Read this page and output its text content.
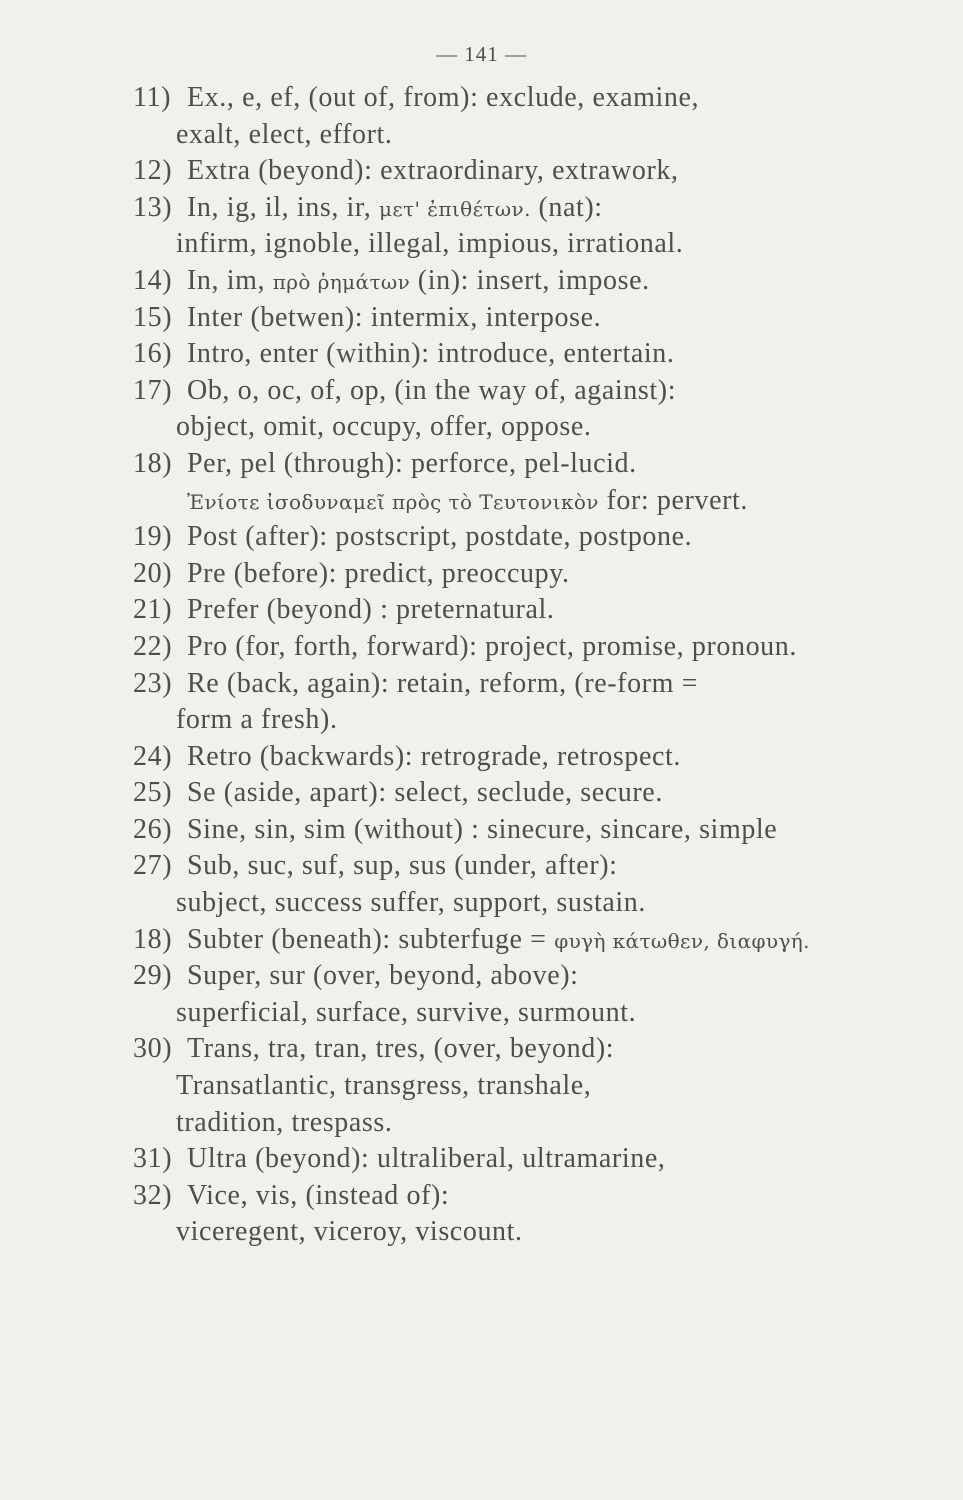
— 141 —
11) Ex., e, ef, (out of, from): exclude, examine,
exalt, elect, effort.
12) Extra (beyond): extraordinary, extrawork,
13) In, ig, il, ins, ir, μετ' ἐπιθέτων. (nat):
infirm, ignoble, illegal, impious, irrational.
14) In, im, πρὸ ῥημάτων (in): insert, impose.
15) Inter (betwen): intermix, interpose.
16) Intro, enter (within): introduce, entertain.
17) Ob, o, oc, of, op, (in the way of, against):
object, omit, occupy, offer, oppose.
18) Per, pel (through): perforce, pel-lucid.
Ἐνίοτε ἰσοδυναμεῖ πρὸς τὸ Τευτονικὸν for: pervert.
19) Post (after): postscript, postdate, postpone.
20) Pre (before): predict, preoccupy.
21) Prefer (beyond) : preternatural.
22) Pro (for, forth, forward): project, promise, pronoun.
23) Re (back, again): retain, reform, (re-form =
form a fresh).
24) Retro (backwards): retrograde, retrospect.
25) Se (aside, apart): select, seclude, secure.
26) Sine, sin, sim (without) : sinecure, sincare, simple
27) Sub, suc, suf, sup, sus (under, after):
subject, success suffer, support, sustain.
18) Subter (beneath): subterfuge = φυγὴ κάτωθεν, διαφυγή.
29) Super, sur (over, beyond, above):
superficial, surface, survive, surmount.
30) Trans, tra, tran, tres, (over, beyond):
Transatlantic, transgress, transhale,
tradition, trespass.
31) Ultra (beyond): ultraliberal, ultramarine,
32) Vice, vis, (instead of):
viceregent, viceroy, viscount.
